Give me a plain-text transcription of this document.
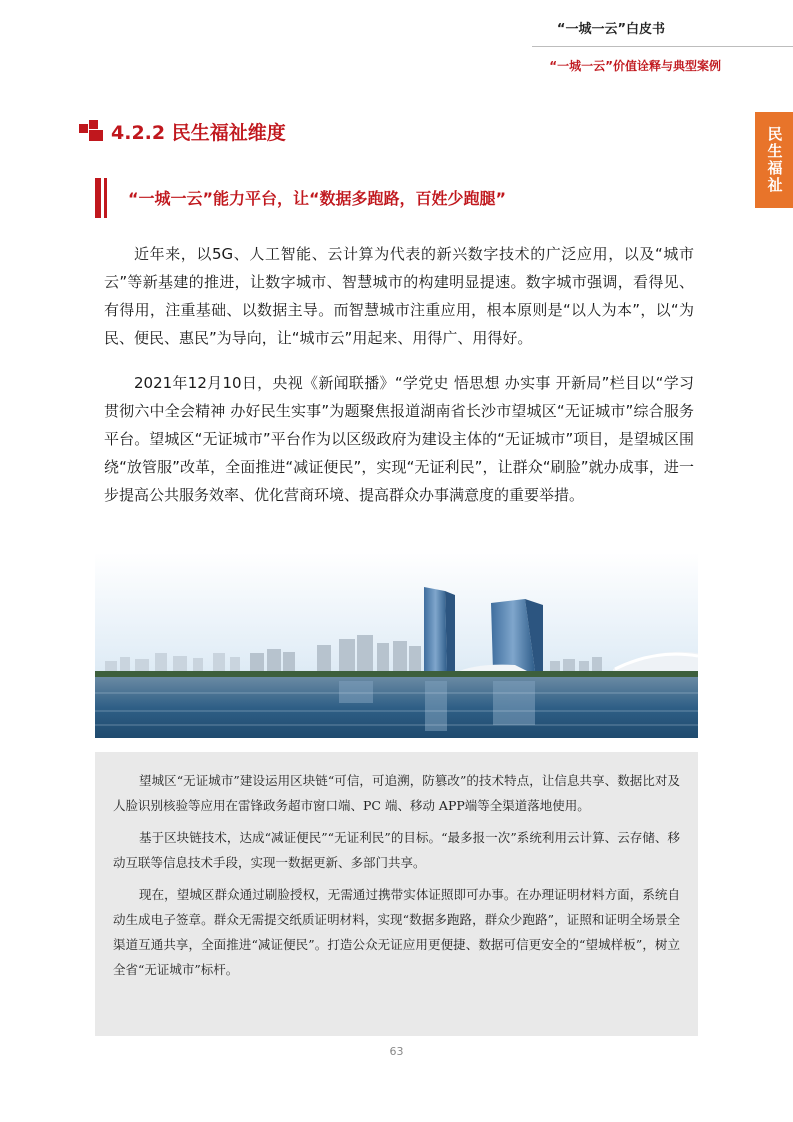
“一城一云”白皮书
“一城一云”价值诠释与典型案例
民生福祉
4.2.2 民生福祉维度
“一城一云”能力平台，让“数据多跑路，百姓少跑腿”

近年来，以5G、人工智能、云计算为代表的新兴数字技术的广泛应用，以及“城市云”等新基建的推进，让数字城市、智慧城市的构建明显提速。数字城市强调，看得见、有得用，注重基础、以数据主导。而智慧城市注重应用，根本原则是“以人为本”，以“为民、便民、惠民”为导向，让“城市云”用起来、用得广、用得好。

2021年12月10日，央视《新闻联播》“学党史 悟思想 办实事 开新局”栏目以“学习贯彻六中全会精神 办好民生实事”为题聚焦报道湖南省长沙市望城区“无证城市”综合服务平台。望城区“无证城市”平台作为以区级政府为建设主体的“无证城市”项目，是望城区围绕“放管服”改革，全面推进“减证便民”，实现“无证利民”，让群众“刷脸”就办成事，进一步提高公共服务效率、优化营商环境、提高群众办事满意度的重要举措。

望城区“无证城市”建设运用区块链“可信，可追溯，防篡改”的技术特点，让信息共享、数据比对及人脸识别核验等应用在雷锋政务超市窗口端、PC 端、移动 APP端等全渠道落地使用。

基于区块链技术，达成“减证便民”“无证利民”的目标。“最多报一次”系统利用云计算、云存储、移动互联等信息技术手段，实现一数据更新、多部门共享。

现在，望城区群众通过刷脸授权，无需通过携带实体证照即可办事。在办理证明材料方面，系统自动生成电子签章。群众无需提交纸质证明材料，实现“数据多跑路，群众少跑路”，证照和证明全场景全渠道互通共享，全面推进“减证便民”。打造公众无证应用更便捷、数据可信更安全的“望城样板”，树立全省“无证城市”标杆。

63
